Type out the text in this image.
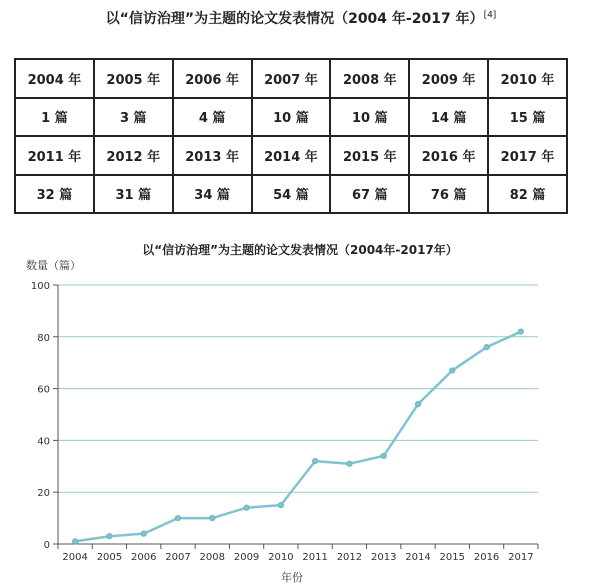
以“信访治理”为主题的论文发表情况（2004 年-2017 年）[4]
2004 年	2005 年	2006 年	2007 年	2008 年	2009 年	2010 年
1 篇	3 篇	4 篇	10 篇	10 篇	14 篇	15 篇
2011 年	2012 年	2013 年	2014 年	2015 年	2016 年	2017 年
32 篇	31 篇	34 篇	54 篇	67 篇	76 篇	82 篇
以“信访治理”为主题的论文发表情况（2004年-2017年）
数量（篇）
年份
0
20
40
60
80
100
2004 2005 2006 2007 2008 2009 2010 2011 2012 2013 2014 2015 2016 2017
